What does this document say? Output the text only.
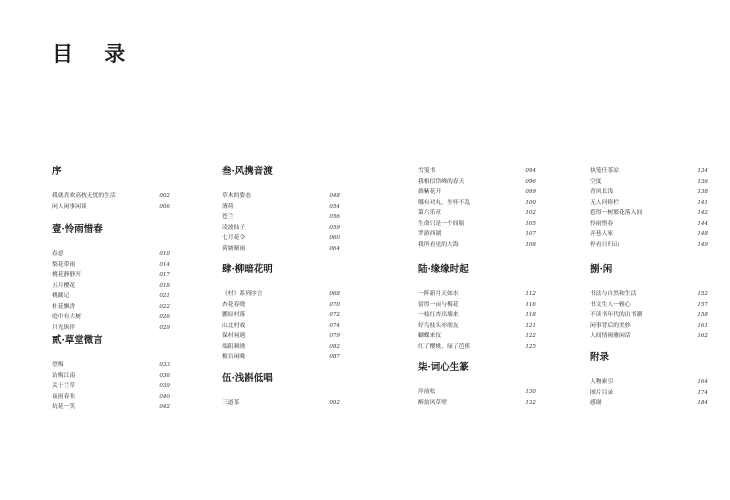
目 录
序
我就喜欢高枕无忧的生活	002
闲人闲事闲谈	006
壹·怜雨惜春
春意	010
梨花带雨	014
桃花静静开	017
五月樱花	018
桃蹊记	021
杜花飘香	022
庭中有大树	026
月光纵伴	029
贰·草堂微言
望梅	033
访梅江南	036
关于兰草	039
夜雨春韭	040
炕花一笑	042
叁·风携音渡
草木的姿态	048
薄荷	054
苍兰	056
凌波仙子	059
七月花令	060
荷塘制雨	064
肆·柳暗花明
《村》系列序言	068
杏花春晓	070
鹏原村落	072
山北村戏	074
保村祠遇	079
端阳刺绣	082
檐台闲晚	087
伍·浅斟低唱
三道茶	092
雪笺书	094
我相信岱峰的春天	096
旖紫花开	099
哪有对丸，坐怀不乱	100
第六乐章	102
生命只是一个间瓶	105
罗游西湖	107
我所看见的大海	108
陆·缘缘时起
一阵新月天如水	112
留得一亩与梅花	116
一枝红杏出墙来	118
好鸟枝头亦朋友	121
蝴蝶来仪	122
红了樱桃，绿了芭蕉	125
柒·词心生篆
岸前松	130
醉翁风草壁	132
执笔任茶凉	134
空度	136
青风长浅	138
无人问倚栏	141
惹得一树繁花落入间	142
怜雨惜春	144
弄巷人家	148
停看日归山	149
捌·闲
书法与自然和生活	152
书文生人一雅心	157
不读书年代的出书潮	158
闲事背后的美妙	161
人间情褐雅闲话	162
附录
人物索引	164
图片目录	174
感谢	184
